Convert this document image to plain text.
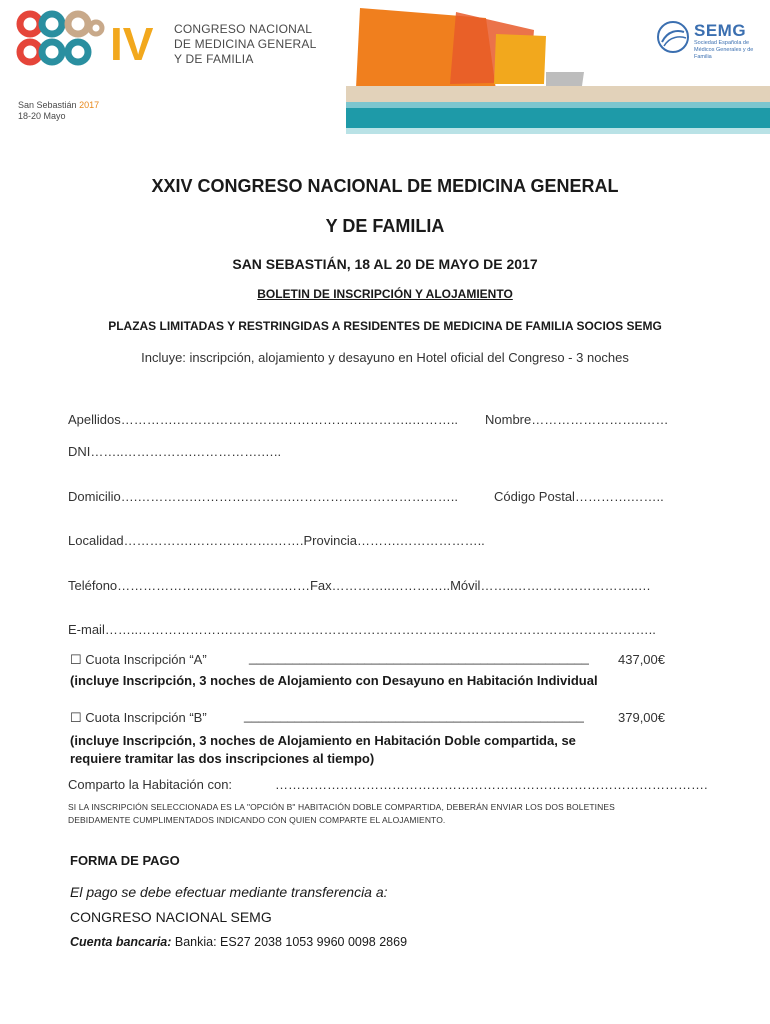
IV CONGRESO NACIONAL
DE MEDICINA GENERAL
Y DE FAMILIA
San Sebastián 2017
18-20 Mayo
SEMG
Sociedad Española de Médicos Generales y de Familia
XXIV CONGRESO NACIONAL DE MEDICINA GENERAL
Y DE FAMILIA
SAN SEBASTIÁN, 18 AL 20 DE MAYO DE 2017
BOLETIN DE INSCRIPCIÓN Y ALOJAMIENTO
PLAZAS LIMITADAS Y RESTRINGIDAS A RESIDENTES DE MEDICINA DE FAMILIA SOCIOS SEMG
Incluye: inscripción, alojamiento y desayuno en Hotel oficial del Congreso - 3 noches
Apellidos………….…………………….……………….………..……….. Nombre……………………..……
DNI……..…………….…………….…..
Domicilio….………….………….……….…………….…………………..	Código Postal………….……..
Localidad…………….……………….…….Provincia……….………………..
Teléfono…………………..…………….……Fax…………..…………..Móvil……..………………………..…
E-mail……..………………….……………………………………………………………………………………..
☐ Cuota Inscripción “A”	_______________________________________________ 437,00€
(incluye Inscripción, 3 noches de Alojamiento con Desayuno en Habitación Individual
☐ Cuota Inscripción “B”	_______________________________________________	379,00€
(incluye Inscripción, 3 noches de Alojamiento en Habitación Doble compartida, se
requiere tramitar las dos inscripciones al tiempo)
Comparto la Habitación con:	……………………………………………………………………………………….
SI LA INSCRIPCIÓN SELECCIONADA ES LA "OPCIÓN B" HABITACIÓN DOBLE COMPARTIDA, DEBERÁN ENVIAR LOS DOS BOLETINES
DEBIDAMENTE CUMPLIMENTADOS INDICANDO CON QUIEN COMPARTE EL ALOJAMIENTO.
FORMA DE PAGO
El pago se debe efectuar mediante transferencia a:
CONGRESO NACIONAL SEMG
Cuenta bancaria: Bankia: ES27 2038 1053 9960 0098 2869
